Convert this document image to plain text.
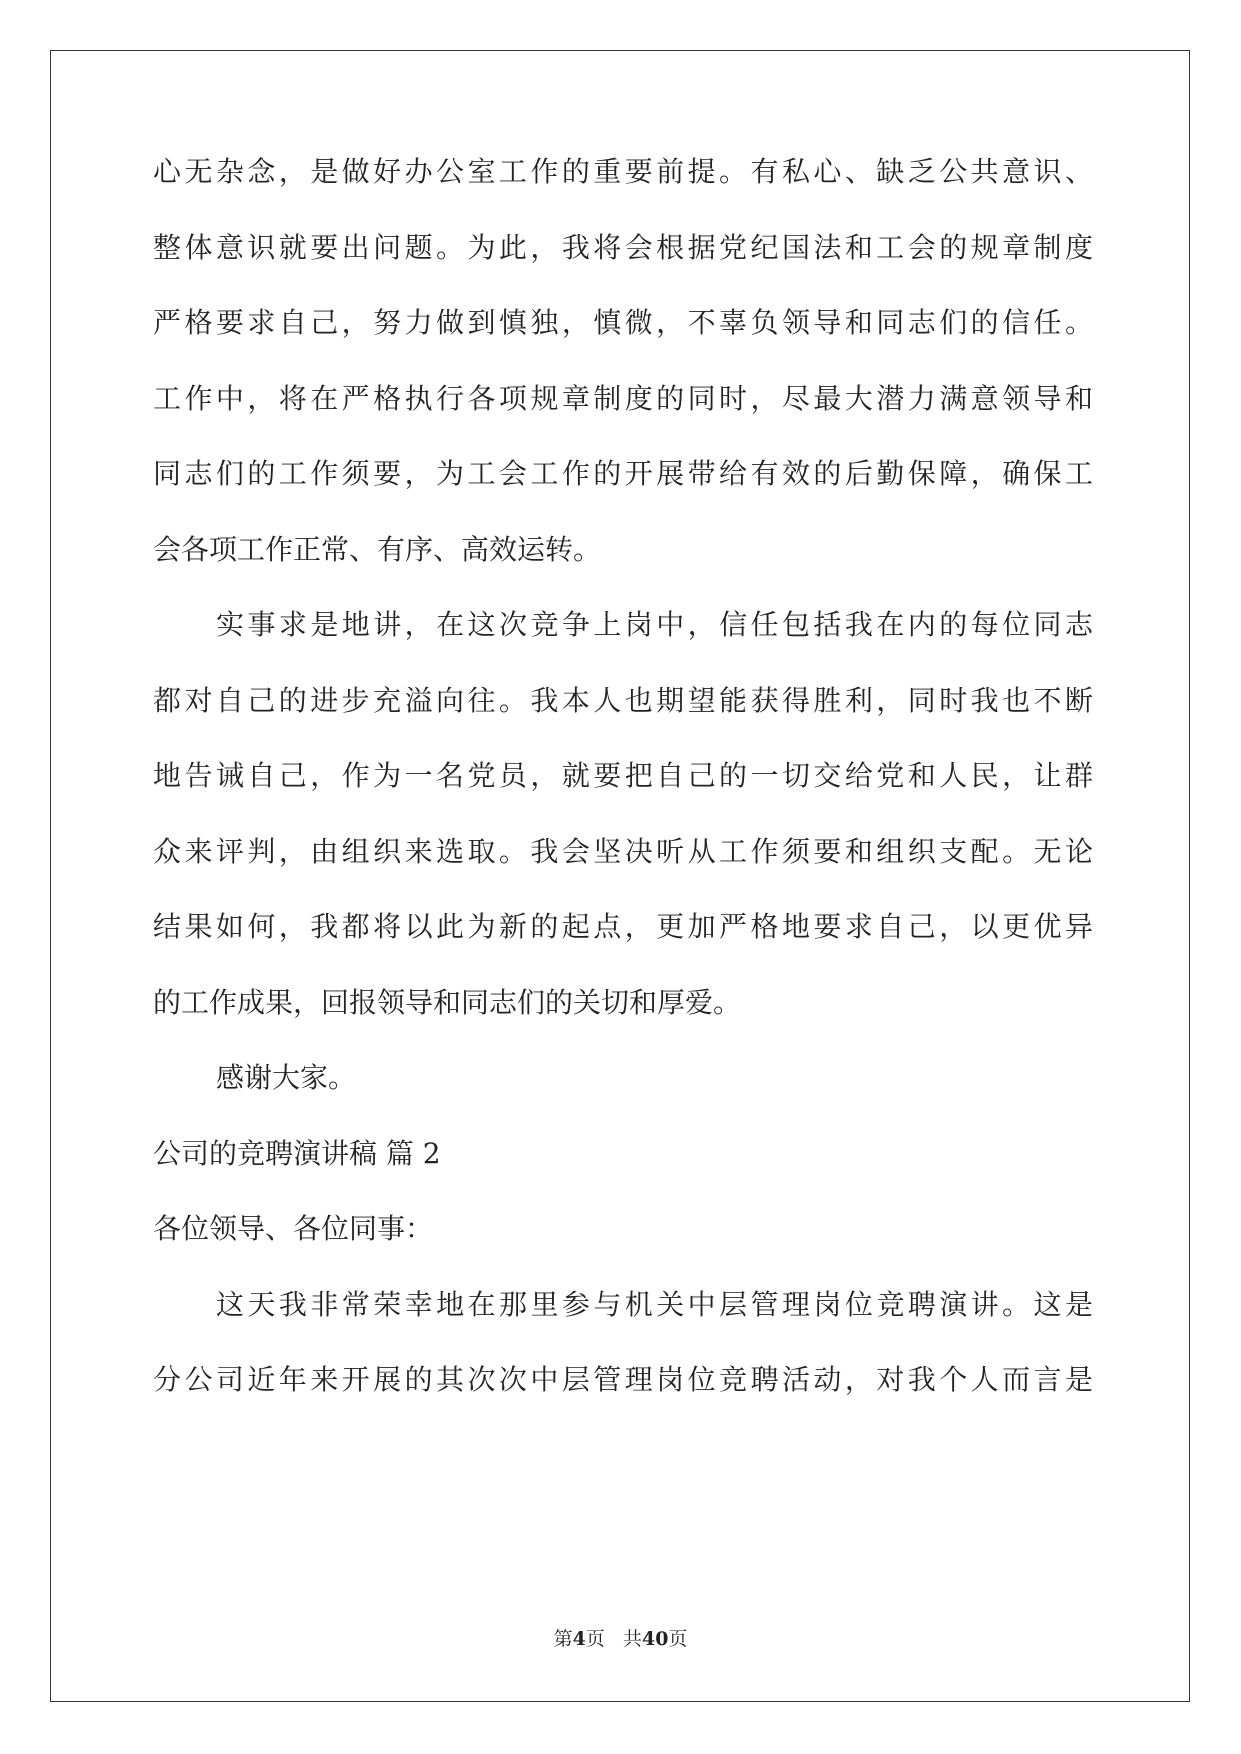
心无杂念，是做好办公室工作的重要前提。有私心、缺乏公共意识、
整体意识就要出问题。为此，我将会根据党纪国法和工会的规章制度
严格要求自己，努力做到慎独，慎微，不辜负领导和同志们的信任。
工作中，将在严格执行各项规章制度的同时，尽最大潜力满意领导和
同志们的工作须要，为工会工作的开展带给有效的后勤保障，确保工
会各项工作正常、有序、高效运转。
实事求是地讲，在这次竞争上岗中，信任包括我在内的每位同志
都对自己的进步充溢向往。我本人也期望能获得胜利，同时我也不断
地告诫自己，作为一名党员，就要把自己的一切交给党和人民，让群
众来评判，由组织来选取。我会坚决听从工作须要和组织支配。无论
结果如何，我都将以此为新的起点，更加严格地要求自己，以更优异
的工作成果，回报领导和同志们的关切和厚爱。
感谢大家。
公司的竞聘演讲稿 篇 2
各位领导、各位同事：
这天我非常荣幸地在那里参与机关中层管理岗位竞聘演讲。这是
分公司近年来开展的其次次中层管理岗位竞聘活动，对我个人而言是
第4页 共40页
